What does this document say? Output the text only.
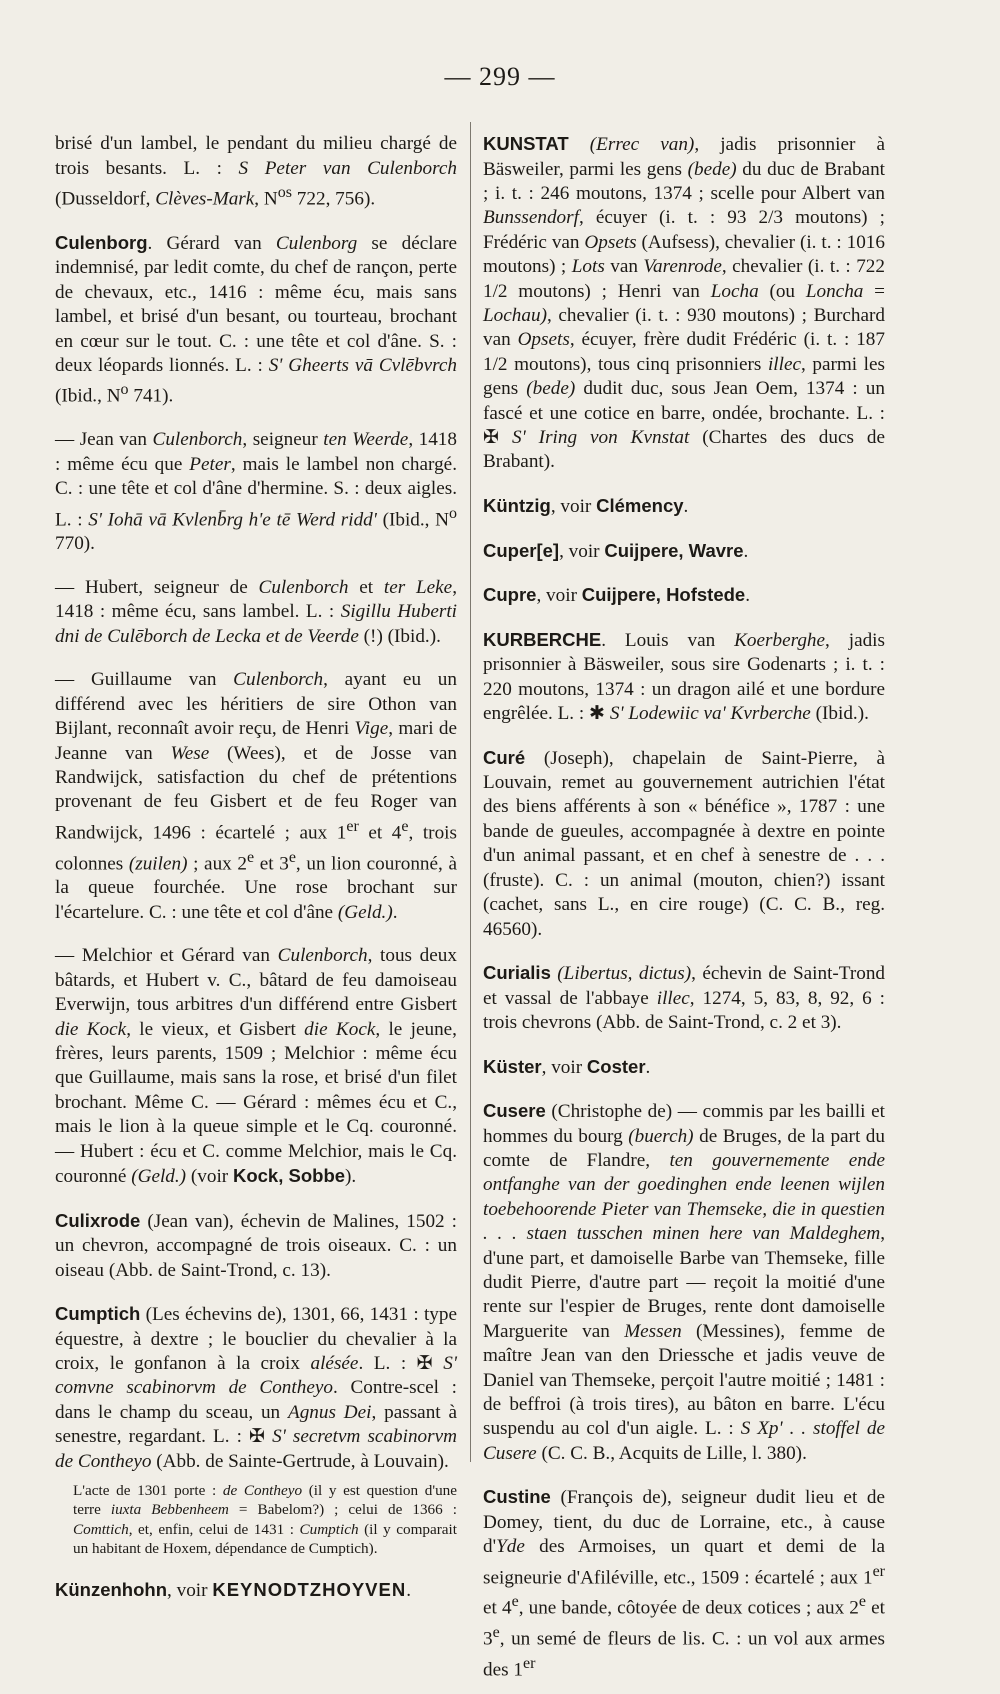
— 299 —

brisé d'un lambel, le pendant du milieu chargé de trois besants. L. : S Peter van Culenborch (Dusseldorf, Clèves-Mark, $N^{os}$ 722, 756).

Culenborg. Gérard van Culenborg se déclare indemnisé, par ledit comte, du chef de rançon, perte de chevaux, etc., 1416 : même écu, mais sans lambel, et brisé d'un besant, ou tourteau, brochant en cœur sur le tout. C. : une tête et col d'âne. S. : deux léopards lionnés. L. : S' Gheerts vā Cvlēbvrch (Ibid., $N^o$ 741).

— Jean van Culenborch, seigneur ten Weerde, 1418 : même écu que Peter, mais le lambel non chargé. C. : une tête et col d'âne d'hermine. S. : deux aigles. L. : S' Iohā vā Kvlenb̄rg h'e tē Werd ridd' (Ibid., $N^o$ 770).

— Hubert, seigneur de Culenborch et ter Leke, 1418 : même écu, sans lambel. L. : Sigillu Huberti dni de Culēborch de Lecka et de Veerde (!) (Ibid.).

— Guillaume van Culenborch, ayant eu un différend avec les héritiers de sire Othon van Bijlant, reconnaît avoir reçu, de Henri Vige, mari de Jeanne van Wese (Wees), et de Josse van Randwijck, satisfaction du chef de prétentions provenant de feu Gisbert et de feu Roger van Randwijck, 1496 : écartelé ; aux 1er et 4e, trois colonnes (zuilen) ; aux 2e et 3e, un lion couronné, à la queue fourchée. Une rose brochant sur l'écartelure. C. : une tête et col d'âne (Geld.).

— Melchior et Gérard van Culenborch, tous deux bâtards, et Hubert v. C., bâtard de feu damoiseau Everwijn, tous arbitres d'un différend entre Gisbert die Kock, le vieux, et Gisbert die Kock, le jeune, frères, leurs parents, 1509 ; Melchior : même écu que Guillaume, mais sans la rose, et brisé d'un filet brochant. Même C. — Gérard : mêmes écu et C., mais le lion à la queue simple et le Cq. couronné. — Hubert : écu et C. comme Melchior, mais le Cq. couronné (Geld.) (voir Kock, Sobbe).

Culixrode (Jean van), échevin de Malines, 1502 : un chevron, accompagné de trois oiseaux. C. : un oiseau (Abb. de Saint-Trond, c. 13).

Cumptich (Les échevins de), 1301, 66, 1431 : type équestre, à dextre ; le bouclier du chevalier à la croix, le gonfanon à la croix alésée. L. : ✠ S' comvne scabinorvm de Contheyo. Contre-scel : dans le champ du sceau, un Agnus Dei, passant à senestre, regardant. L. : ✠ S' secretvm scabinorvm de Contheyo (Abb. de Sainte-Gertrude, à Louvain).

L'acte de 1301 porte : de Contheyo (il y est question d'une terre iuxta Bebbenheem = Babelom?) ; celui de 1366 : Comttich, et, enfin, celui de 1431 : Cumptich (il y comparait un habitant de Hoxem, dépendance de Cumptich).

Künzenhohn, voir KEYNODTZHOYVEN.

KUNSTAT (Errec van), jadis prisonnier à Bäsweiler, parmi les gens (bede) du duc de Brabant ; i. t. : 246 moutons, 1374 ; scelle pour Albert van Bunssendorf, écuyer (i. t. : 93 2/3 moutons) ; Frédéric van Opsets (Aufsess), chevalier (i. t. : 1016 moutons) ; Lots van Varenrode, chevalier (i. t. : 722 1/2 moutons) ; Henri van Locha (ou Loncha = Lochau), chevalier (i. t. : 930 moutons) ; Burchard van Opsets, écuyer, frère dudit Frédéric (i. t. : 187 1/2 moutons), tous cinq prisonniers illec, parmi les gens (bede) dudit duc, sous Jean Oem, 1374 : un fascé et une cotice en barre, ondée, brochante. L. : ✠ S' Iring von Kvnstat (Chartes des ducs de Brabant).

Küntzig, voir Clémency.

Cuper[e], voir Cuijpere, Wavre.

Cupre, voir Cuijpere, Hofstede.

KURBERCHE. Louis van Koerberghe, jadis prisonnier à Bäsweiler, sous sire Godenarts ; i. t. : 220 moutons, 1374 : un dragon ailé et une bordure engrêlée. L. : ✱ S' Lodewiic va' Kvrberche (Ibid.).

Curé (Joseph), chapelain de Saint-Pierre, à Louvain, remet au gouvernement autrichien l'état des biens afférents à son « bénéfice », 1787 : une bande de gueules, accompagnée à dextre en pointe d'un animal passant, et en chef à senestre de . . . (fruste). C. : un animal (mouton, chien?) issant (cachet, sans L., en cire rouge) (C. C. B., reg. 46560).

Curialis (Libertus, dictus), échevin de Saint-Trond et vassal de l'abbaye illec, 1274, 5, 83, 8, 92, 6 : trois chevrons (Abb. de Saint-Trond, c. 2 et 3).

Küster, voir Coster.

Cusere (Christophe de) — commis par les bailli et hommes du bourg (buerch) de Bruges, de la part du comte de Flandre, ten gouvernemente ende ontfanghe van der goedinghen ende leenen wijlen toebehoorende Pieter van Themseke, die in questien . . . staen tusschen minen here van Maldeghem, d'une part, et damoiselle Barbe van Themseke, fille dudit Pierre, d'autre part — reçoit la moitié d'une rente sur l'espier de Bruges, rente dont damoiselle Marguerite van Messen (Messines), femme de maître Jean van den Driessche et jadis veuve de Daniel van Themseke, perçoit l'autre moitié ; 1481 : de beffroi (à trois tires), au bâton en barre. L'écu suspendu au col d'un aigle. L. : S Xp' . . stoffel de Cusere (C. C. B., Acquits de Lille, l. 380).

Custine (François de), seigneur dudit lieu et de Domey, tient, du duc de Lorraine, etc., à cause d'Yde des Armoises, un quart et demi de la seigneurie d'Afiléville, etc., 1509 : écartelé ; aux 1er et 4e, une bande, côtoyée de deux cotices ; aux 2e et 3e, un semé de fleurs de lis. C. : un vol aux armes des 1er
